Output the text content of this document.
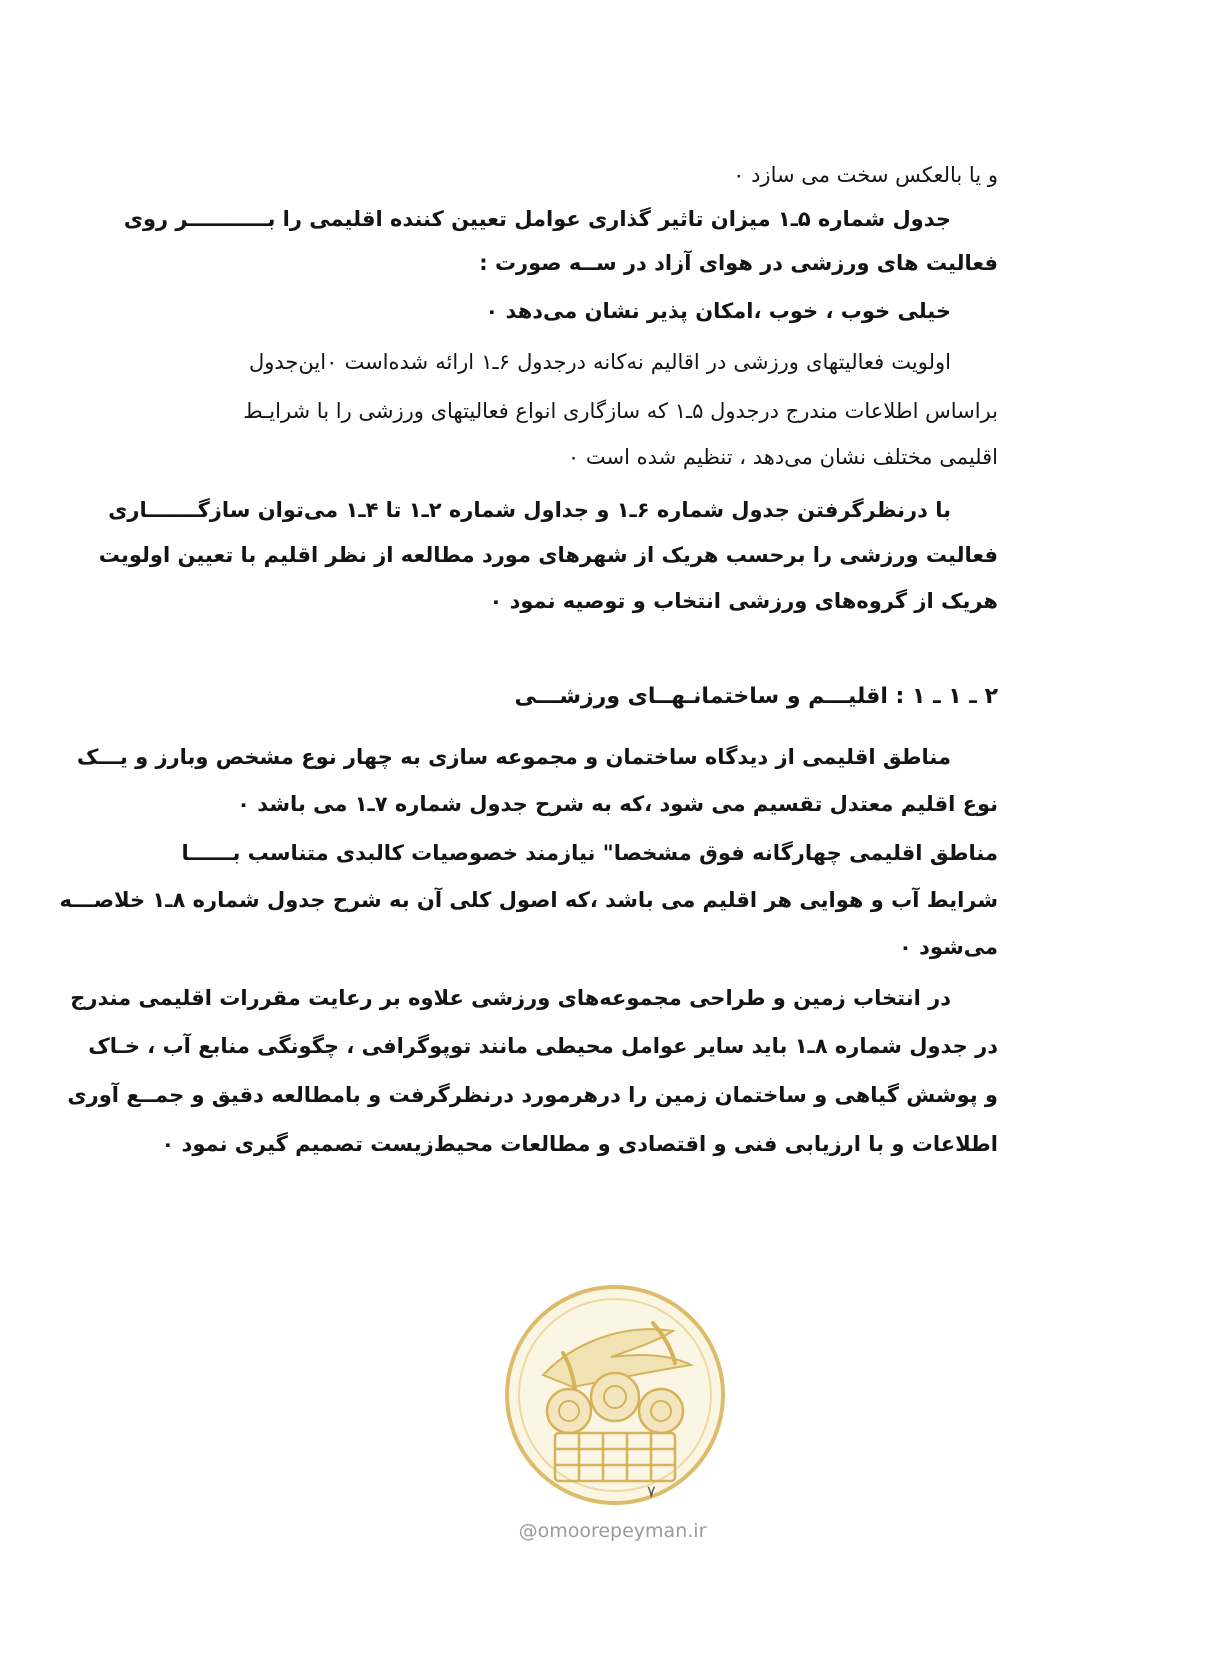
و یا بالعکس سخت می سازد ۰
جدول شماره ۵ـ۱ میزان تاثیر گذاری عوامل تعیین کننده اقلیمی را بـــــــــــر روی
فعالیت های ورزشی در هوای آزاد در ســه صورت :
خیلی خوب ، خوب ،امکان پذیر نشان می‌دهد ۰
اولویت فعالیتهای ورزشی در اقالیم نه‌کانه درجدول ۶ـ۱ ارائه شده‌است ۰این‌جدول
براساس اطلاعات مندرج درجدول ۵ـ۱ که سازگاری انواع فعالیتهای ورزشی را با شرایـط
اقلیمی مختلف نشان می‌دهد ، تنظیم شده است ۰
با درنظرگرفتن جدول شماره ۶ـ۱ و جداول شماره ۲ـ۱ تا ۴ـ۱ می‌توان سازگـــــــاری
فعالیت ورزشی را برحسب هریک از شهرهای مورد مطالعه از نظر اقلیم با تعیین اولویت
هریک از گروه‌های ورزشی انتخاب و توصیه نمود ۰
۲ ـ ۱ ـ ۱ : اقلیـــم و ساختمانـهــای ورزشـــی
مناطق اقلیمی از دیدگاه ساختمان و مجموعه سازی به چهار نوع مشخص وبارز و یـــک
نوع اقلیم معتدل تقسیم می شود ،که به شرح جدول شماره ۷ـ۱ می باشد ۰
مناطق اقلیمی چهارگانه فوق مشخصا" نیازمند خصوصیات کالبدی متناسب بــــــا
شرایط آب و هوایی هر اقلیم می باشد ،که اصول کلی آن به شرح جدول شماره ۸ـ۱ خلاصـــه
می‌شود ۰
در انتخاب زمین و طراحی مجموعه‌های ورزشی علاوه بر رعایت مقررات اقلیمی مندرج
در جدول شماره ۸ـ۱ باید سایر عوامل محیطی مانند توپوگرافی ، چگونگی منابع آب ، خـاک
و پوشش گیاهی و ساختمان زمین را درهرمورد درنظرگرفت و بامطالعه دقیق و جمــع آوری
اطلاعات و با ارزیابی فنی و اقتصادی و مطالعات محیط‌زیست تصمیم گیری نمود ۰
۷
@omoorepeyman.ir
